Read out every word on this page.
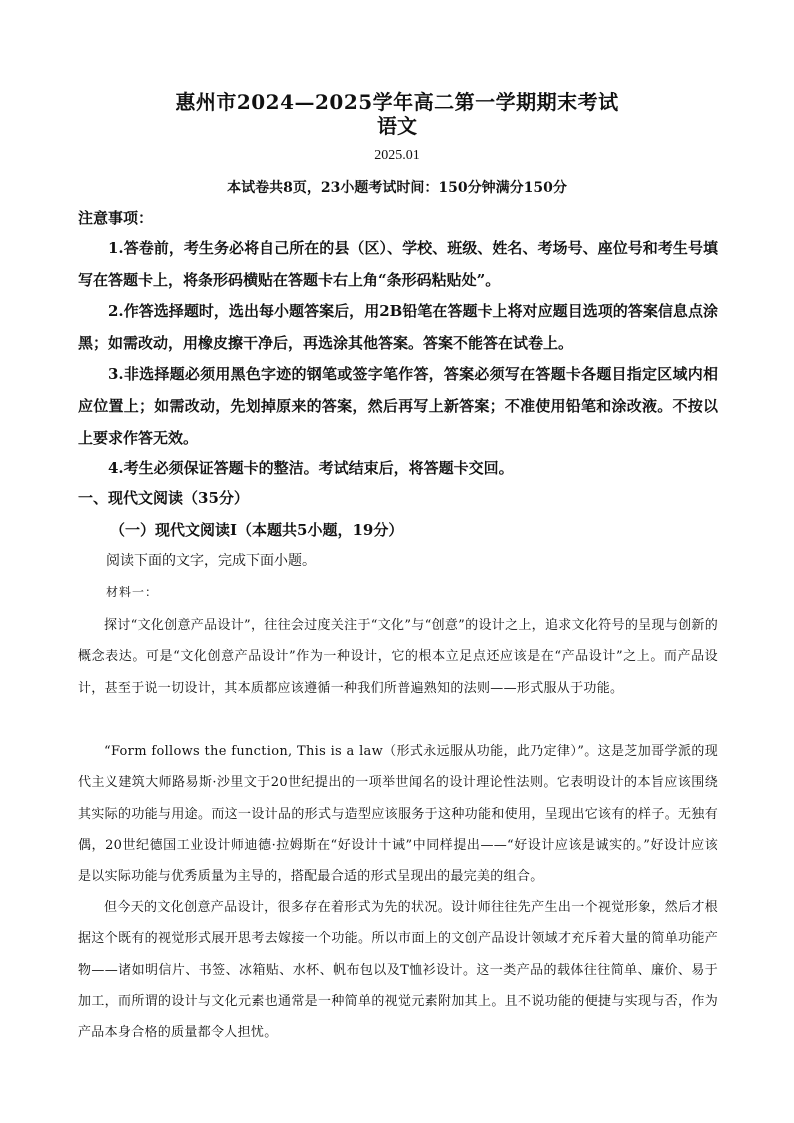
惠州市2024—2025学年高二第一学期期末考试
语文
2025.01
本试卷共8页，23小题考试时间：150分钟满分150分
注意事项：

1.答卷前，考生务必将自己所在的县（区）、学校、班级、姓名、考场号、座位号和考生号填写在答题卡上，将条形码横贴在答题卡右上角“条形码粘贴处”。

2.作答选择题时，选出每小题答案后，用2B铅笔在答题卡上将对应题目选项的答案信息点涂黑；如需改动，用橡皮擦干净后，再选涂其他答案。答案不能答在试卷上。

3.非选择题必须用黑色字迹的钢笔或签字笔作答，答案必须写在答题卡各题目指定区域内相应位置上；如需改动，先划掉原来的答案，然后再写上新答案；不准使用铅笔和涂改液。不按以上要求作答无效。

4.考生必须保证答题卡的整洁。考试结束后，将答题卡交回。

一、现代文阅读（35分）
（一）现代文阅读Ⅰ（本题共5小题，19分）
阅读下面的文字，完成下面小题。
材料一：

探讨“文化创意产品设计”，往往会过度关注于“文化”与“创意”的设计之上，追求文化符号的呈现与创新的概念表达。可是“文化创意产品设计”作为一种设计，它的根本立足点还应该是在“产品设计”之上。而产品设计，甚至于说一切设计，其本质都应该遵循一种我们所普遍熟知的法则——形式服从于功能。

“Form follows the function, This is a law（形式永远服从功能，此乃定律）”。这是芝加哥学派的现代主义建筑大师路易斯·沙里文于20世纪提出的一项举世闻名的设计理论性法则。它表明设计的本旨应该围绕其实际的功能与用途。而这一设计品的形式与造型应该服务于这种功能和使用，呈现出它该有的样子。无独有偶，20世纪德国工业设计师迪德·拉姆斯在“好设计十诫”中同样提出——“好设计应该是诚实的。”好设计应该是以实际功能与优秀质量为主导的，搭配最合适的形式呈现出的最完美的组合。

但今天的文化创意产品设计，很多存在着形式为先的状况。设计师往往先产生出一个视觉形象，然后才根据这个既有的视觉形式展开思考去嫁接一个功能。所以市面上的文创产品设计领域才充斥着大量的简单功能产物——诸如明信片、书签、冰箱贴、水杯、帆布包以及T恤衫设计。这一类产品的载体往往简单、廉价、易于加工，而所谓的设计与文化元素也通常是一种简单的视觉元素附加其上。且不说功能的便捷与实现与否，作为产品本身合格的质量都令人担忧。
